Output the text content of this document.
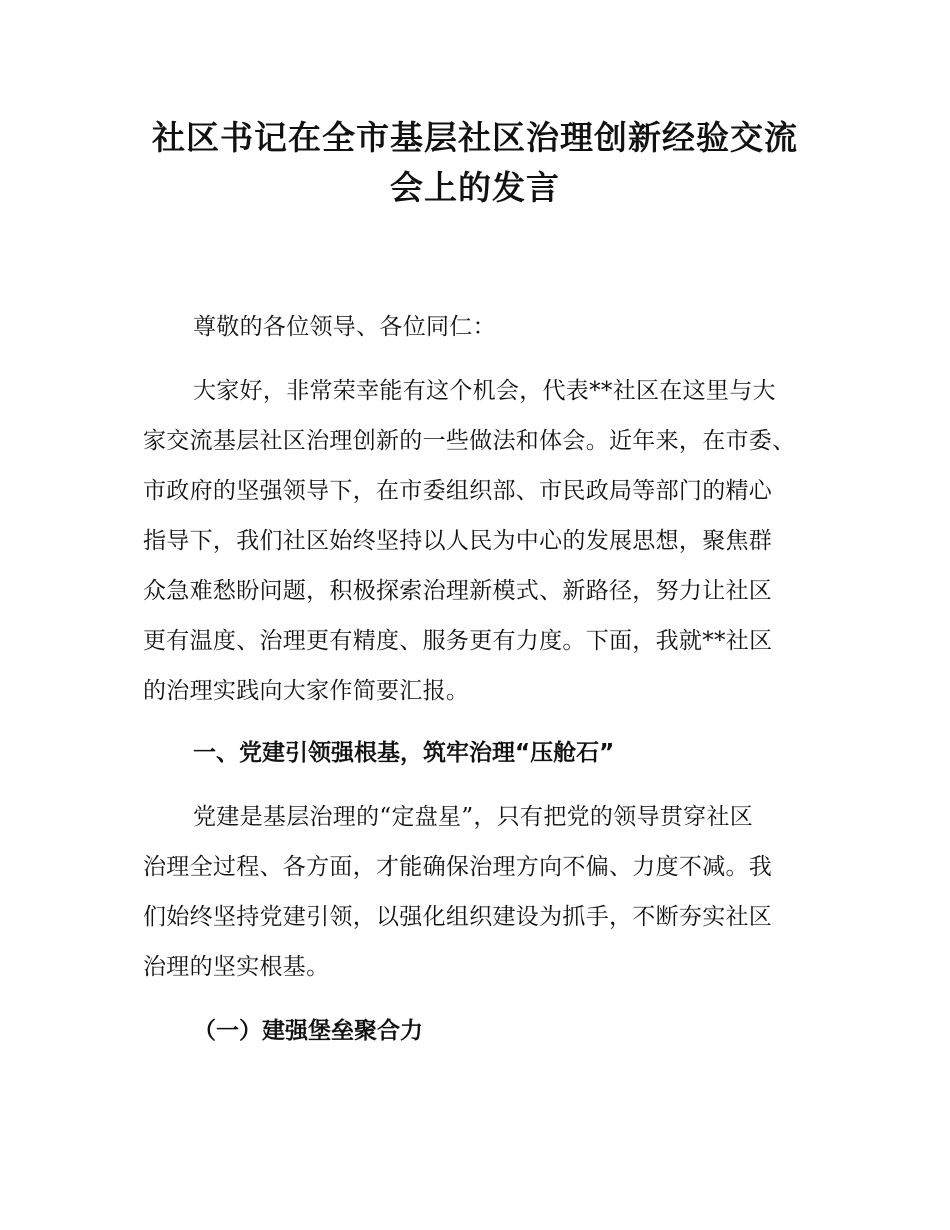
社区书记在全市基层社区治理创新经验交流
会上的发言
尊敬的各位领导、各位同仁：
大家好，非常荣幸能有这个机会，代表**社区在这里与大
家交流基层社区治理创新的一些做法和体会。近年来，在市委、
市政府的坚强领导下，在市委组织部、市民政局等部门的精心
指导下，我们社区始终坚持以人民为中心的发展思想，聚焦群
众急难愁盼问题，积极探索治理新模式、新路径，努力让社区
更有温度、治理更有精度、服务更有力度。下面，我就**社区
的治理实践向大家作简要汇报。
一、党建引领强根基，筑牢治理“压舱石”
党建是基层治理的“定盘星”，只有把党的领导贯穿社区
治理全过程、各方面，才能确保治理方向不偏、力度不减。我
们始终坚持党建引领，以强化组织建设为抓手，不断夯实社区
治理的坚实根基。
（一）建强堡垒聚合力
